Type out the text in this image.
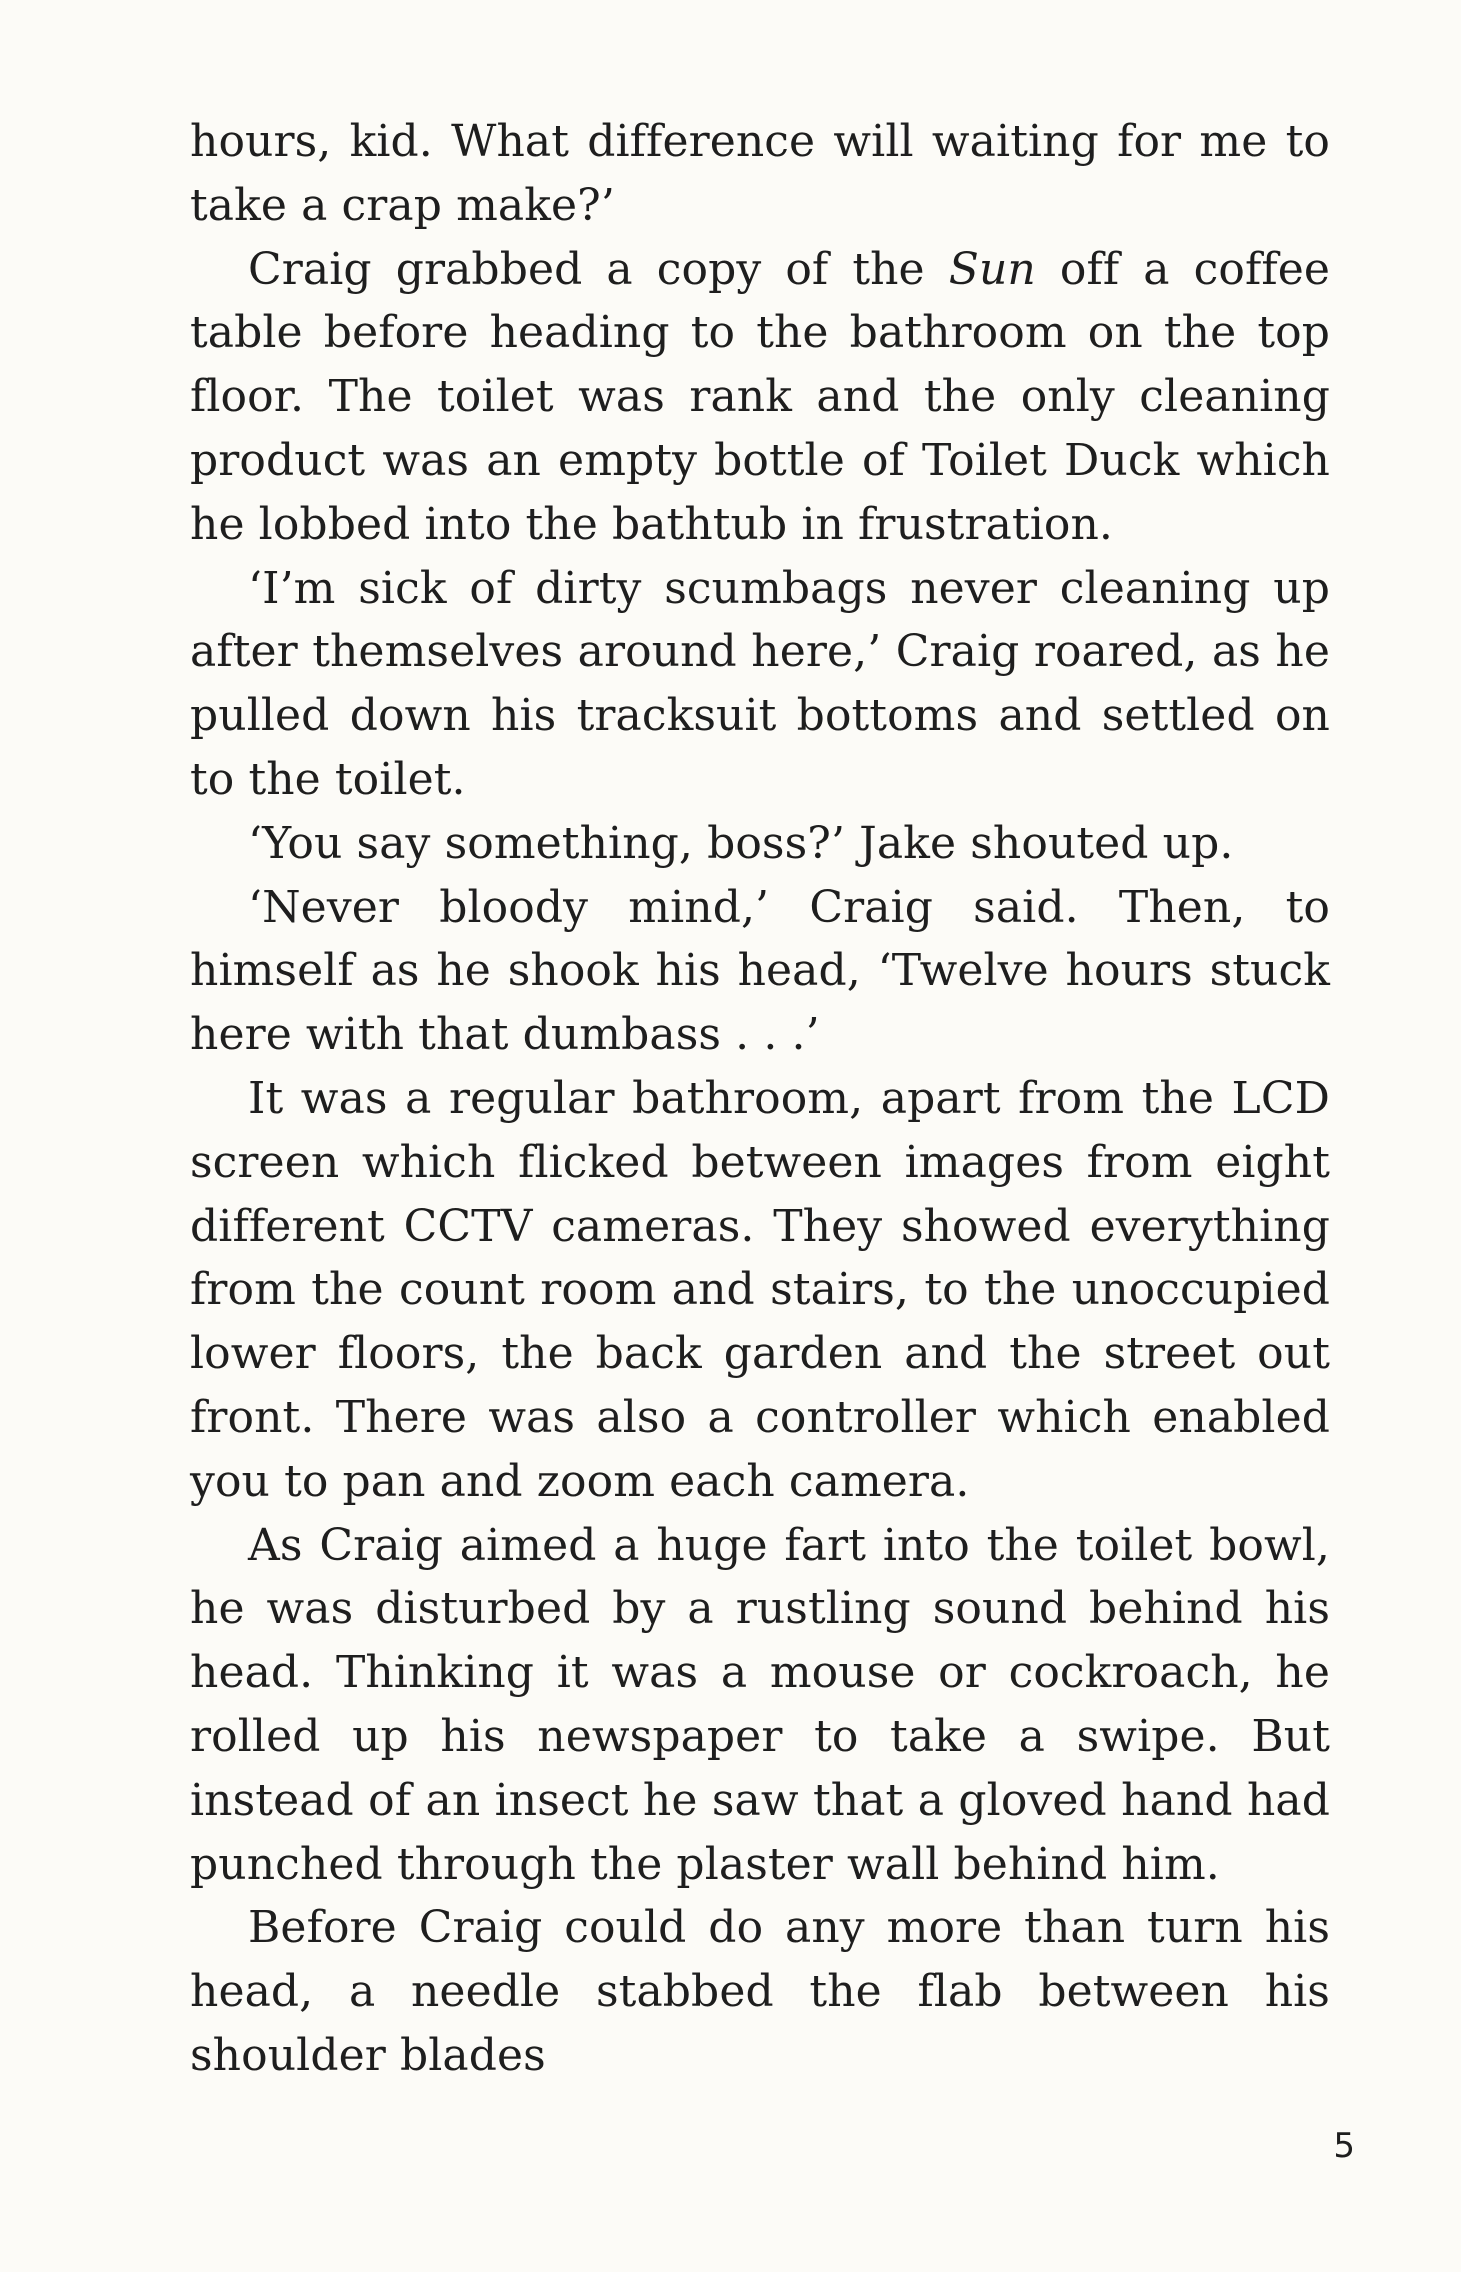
hours, kid. What difference will waiting for me to take a crap make?’

Craig grabbed a copy of the Sun off a coffee table before heading to the bathroom on the top floor. The toilet was rank and the only cleaning product was an empty bottle of Toilet Duck which he lobbed into the bathtub in frustration.

‘I’m sick of dirty scumbags never cleaning up after themselves around here,’ Craig roared, as he pulled down his tracksuit bottoms and settled on to the toilet.

‘You say something, boss?’ Jake shouted up.

‘Never bloody mind,’ Craig said. Then, to himself as he shook his head, ‘Twelve hours stuck here with that dumbass . . .’

It was a regular bathroom, apart from the LCD screen which flicked between images from eight different CCTV cameras. They showed everything from the count room and stairs, to the unoccupied lower floors, the back garden and the street out front. There was also a controller which enabled you to pan and zoom each camera.

As Craig aimed a huge fart into the toilet bowl, he was disturbed by a rustling sound behind his head. Thinking it was a mouse or cockroach, he rolled up his newspaper to take a swipe. But instead of an insect he saw that a gloved hand had punched through the plaster wall behind him.

Before Craig could do any more than turn his head, a needle stabbed the flab between his shoulder blades

5
